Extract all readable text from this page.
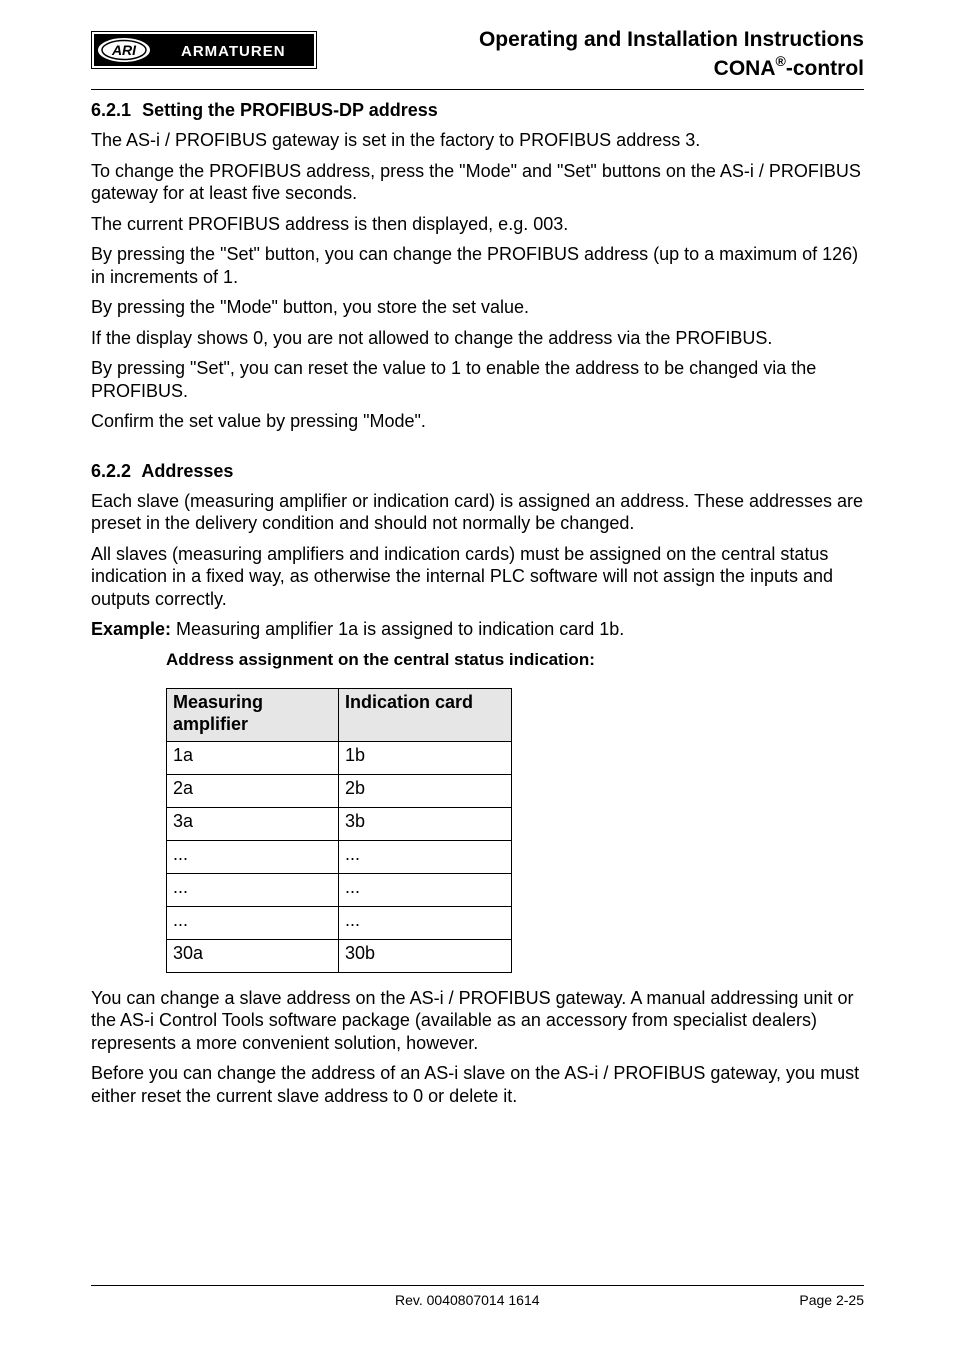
ARI	ARMATUREN
Operating and Installation Instructions
CONA®-control
6.2.1 Setting the PROFIBUS-DP address

The AS-i / PROFIBUS gateway is set in the factory to PROFIBUS address 3.

To change the PROFIBUS address, press the "Mode" and "Set" buttons on the AS-i / PROFIBUS gateway for at least five seconds.

The current PROFIBUS address is then displayed, e.g. 003.

By pressing the "Set" button, you can change the PROFIBUS address (up to a maximum of 126) in increments of 1.

By pressing the "Mode" button, you store the set value.

If the display shows 0, you are not allowed to change the address via the PROFIBUS.

By pressing "Set", you can reset the value to 1 to enable the address to be changed via the PROFIBUS.

Confirm the set value by pressing "Mode".

6.2.2 Addresses

Each slave (measuring amplifier or indication card) is assigned an address. These addresses are preset in the delivery condition and should not normally be changed.

All slaves (measuring amplifiers and indication cards) must be assigned on the central status indication in a fixed way, as otherwise the internal PLC software will not assign the inputs and outputs correctly.

Example: Measuring amplifier 1a is assigned to indication card 1b.

Address assignment on the central status indication:
Measuring amplifier	Indication card
1a	1b
2a	2b
3a	3b
...	...
...	...
...	...
30a	30b

You can change a slave address on the AS-i / PROFIBUS gateway. A manual addressing unit or the AS-i Control Tools software package (available as an accessory from specialist dealers) represents a more convenient solution, however.

Before you can change the address of an AS-i slave on the AS-i / PROFIBUS gateway, you must either reset the current slave address to 0 or delete it.

Rev. 0040807014 1614	Page 2-25
